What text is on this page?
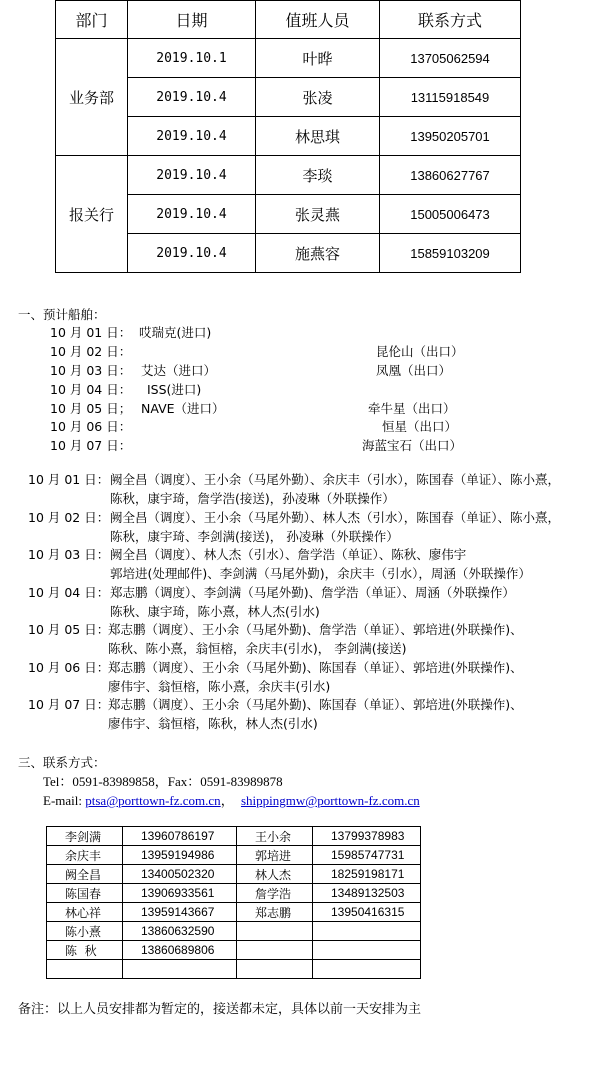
部门	日期	值班人员	联系方式
业务部	2019.10.1	叶晔	13705062594
	2019.10.4	张凌	13115918549
	2019.10.4	林思琪	13950205701
报关行	2019.10.4	李琰	13860627767
	2019.10.4	张灵燕	15005006473
	2019.10.4	施燕容	15859103209
一、预计船舶：
10 月 01 日： 哎瑞克(进口)
10 月 02 日：	昆伦山（出口）
10 月 03 日： 艾达（进口）	凤凰（出口）
10 月 04 日： ISS(进口)
10 月 05 日； NAVE（进口）	牵牛星（出口）
10 月 06 日：	恒星（出口）
10 月 07 日：	海蓝宝石（出口）
10 月 01 日： 阙全昌（调度）、王小余（马尾外勤）、余庆丰（引水），陈国春（单证）、陈小熹，
陈秋，康宇琦，詹学浩(接送)，孙凌琳（外联操作）
10 月 02 日： 阙全昌（调度）、王小余（马尾外勤）、林人杰（引水），陈国春（单证）、陈小熹，
陈秋，康宇琦、李剑满(接送)， 孙凌琳（外联操作）
10 月 03 日： 阙全昌（调度）、林人杰（引水）、詹学浩（单证）、陈秋、廖伟宇
郭培进(处理邮件)、李剑满（马尾外勤)，余庆丰（引水），周涵（外联操作）
10 月 04 日： 郑志鹏（调度）、李剑满（马尾外勤)、詹学浩（单证）、周涵（外联操作）
陈秋、康宇琦，陈小熹，林人杰(引水)
10 月 05 日：
郑志鹏（调度）、王小余（马尾外勤)、詹学浩（单证）、郭培进(外联操作)、
陈秋、陈小熹，翁恒榕，余庆丰(引水)， 李剑满(接送)
10 月 06 日：
郑志鹏（调度）、王小余（马尾外勤)、陈国春（单证）、郭培进(外联操作)、
廖伟宇、翁恒榕，陈小熹，余庆丰(引水)
10 月 07 日：
郑志鹏（调度）、王小余（马尾外勤)、陈国春（单证）、郭培进(外联操作)、
廖伟宇、翁恒榕，陈秋，林人杰(引水)
三、联系方式：
Tel：0591-83989858，Fax：0591-83989878
E-mail: ptsa@porttown-fz.com.cn， shippingmw@porttown-fz.com.cn
李剑满	13960786197	王小余	13799378983
余庆丰	13959194986	郭培进	15985747731
阙全昌	13400502320	林人杰	18259198171
陈国春	13906933561	詹学浩	13489132503
林心祥	13959143667	郑志鹏	13950416315
陈小熹	13860632590		
陈  秋	13860689806		

备注：以上人员安排都为暂定的，接送都未定，具体以前一天安排为主
